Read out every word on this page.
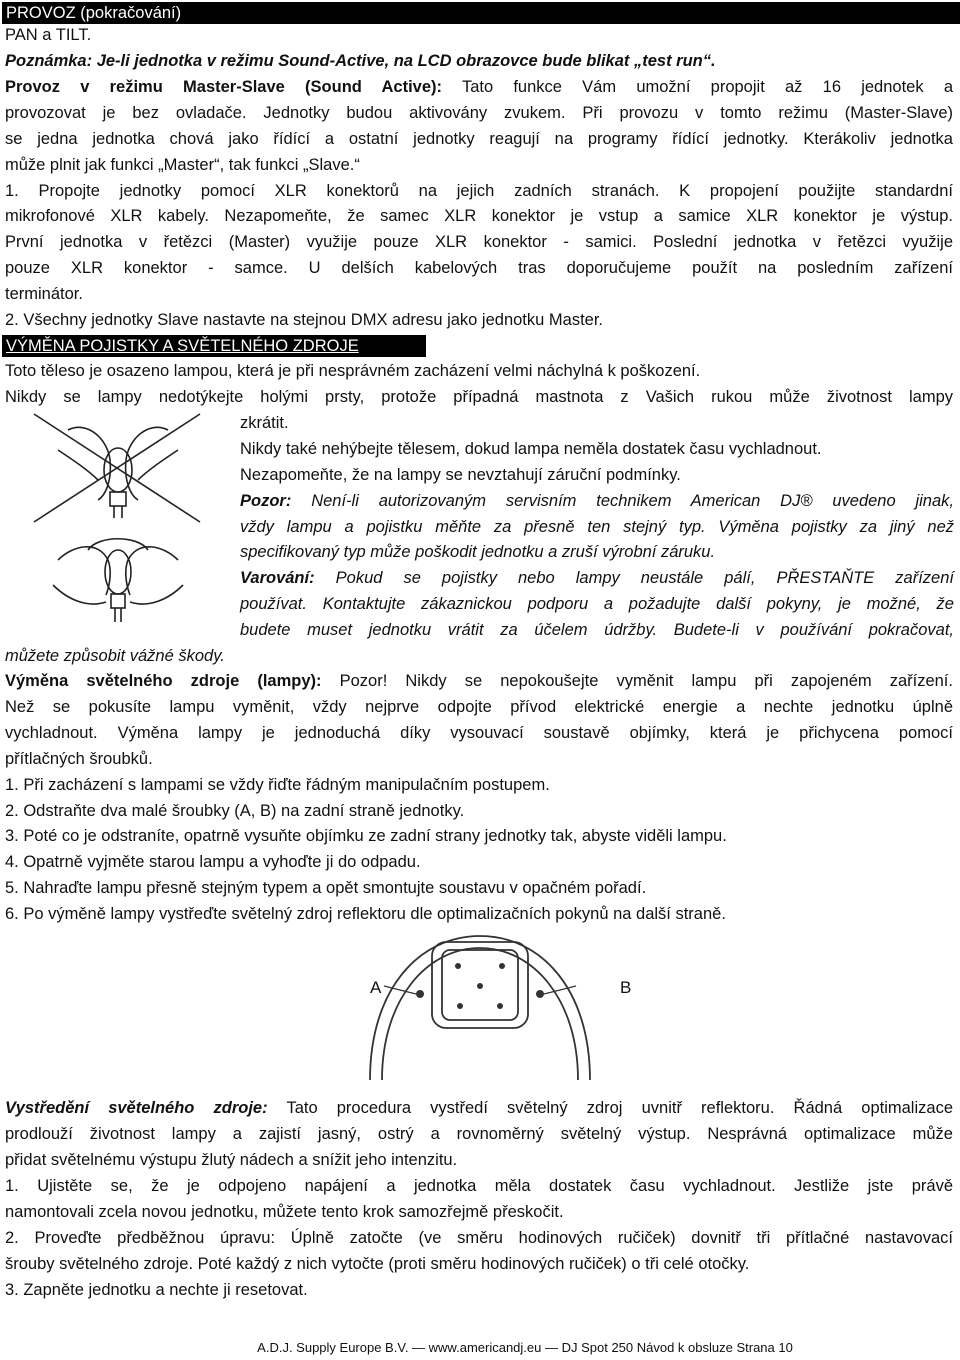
PROVOZ (pokračování)
PAN a TILT.
Poznámka: Je-li jednotka v režimu Sound-Active, na LCD obrazovce bude blikat „test run“.
Provoz v režimu Master-Slave (Sound Active): Tato funkce Vám umožní propojit až 16 jednotek a
provozovat je bez ovladače. Jednotky budou aktivovány zvukem. Při provozu v tomto režimu (Master-Slave)
se jedna jednotka chová jako řídící a ostatní jednotky reagují na programy řídící jednotky. Kterákoliv jednotka
může plnit jak funkci „Master“, tak funkci „Slave.“
1. Propojte jednotky pomocí XLR konektorů na jejich zadních stranách. K propojení použijte standardní
mikrofonové XLR kabely. Nezapomeňte, že samec XLR konektor je vstup a samice XLR konektor je výstup.
První jednotka v řetězci (Master) využije pouze XLR konektor - samici. Poslední jednotka v řetězci využije
pouze XLR konektor - samce. U delších kabelových tras doporučujeme použít na posledním zařízení
terminátor.
2. Všechny jednotky Slave nastavte na stejnou DMX adresu jako jednotku Master.
VÝMĚNA POJISTKY A SVĚTELNÉHO ZDROJE
Toto těleso je osazeno lampou, která je při nesprávném zacházení velmi náchylná k poškození.
Nikdy se lampy nedotýkejte holými prsty, protože případná mastnota z Vašich rukou může životnost lampy
zkrátit.
Nikdy také nehýbejte tělesem, dokud lampa neměla dostatek času vychladnout.
Nezapomeňte, že na lampy se nevztahují záruční podmínky.
Pozor: Není-li autorizovaným servisním technikem American DJ® uvedeno jinak,
vždy lampu a pojistku měňte za přesně ten stejný typ. Výměna pojistky za jiný než
specifikovaný typ může poškodit jednotku a zruší výrobní záruku.
Varování: Pokud se pojistky nebo lampy neustále pálí, PŘESTAŇTE zařízení
používat. Kontaktujte zákaznickou podporu a požadujte další pokyny, je možné, že
budete muset jednotku vrátit za účelem údržby. Budete-li v používání pokračovat,
můžete způsobit vážné škody.
Výměna světelného zdroje (lampy): Pozor! Nikdy se nepokoušejte vyměnit lampu při zapojeném zařízení.
Než se pokusíte lampu vyměnit, vždy nejprve odpojte přívod elektrické energie a nechte jednotku úplně
vychladnout. Výměna lampy je jednoduchá díky vysouvací soustavě objímky, která je přichycena pomocí
přítlačných šroubků.
1. Při zacházení s lampami se vždy řiďte řádným manipulačním postupem.
2. Odstraňte dva malé šroubky (A, B) na zadní straně jednotky.
3. Poté co je odstraníte, opatrně vysuňte objímku ze zadní strany jednotky tak, abyste viděli lampu.
4. Opatrně vyjměte starou lampu a vyhoďte ji do odpadu.
5. Nahraďte lampu přesně stejným typem a opět smontujte soustavu v opačném pořadí.
6. Po výměně lampy vystřeďte světelný zdroj reflektoru dle optimalizačních pokynů na další straně.
A	B
Vystředění světelného zdroje: Tato procedura vystředí světelný zdroj uvnitř reflektoru. Řádná optimalizace
prodlouží životnost lampy a zajistí jasný, ostrý a rovnoměrný světelný výstup. Nesprávná optimalizace může
přidat světelnému výstupu žlutý nádech a snížit jeho intenzitu.
1. Ujistěte se, že je odpojeno napájení a jednotka měla dostatek času vychladnout. Jestliže jste právě
namontovali zcela novou jednotku, můžete tento krok samozřejmě přeskočit.
2. Proveďte předběžnou úpravu: Úplně zatočte (ve směru hodinových ručiček) dovnitř tři přítlačné nastavovací
šrouby světelného zdroje. Poté každý z nich vytočte (proti směru hodinových ručiček) o tři celé otočky.
3. Zapněte jednotku a nechte ji resetovat.
A.D.J. Supply Europe B.V. — www.americandj.eu — DJ Spot 250 Návod k obsluze Strana 10
